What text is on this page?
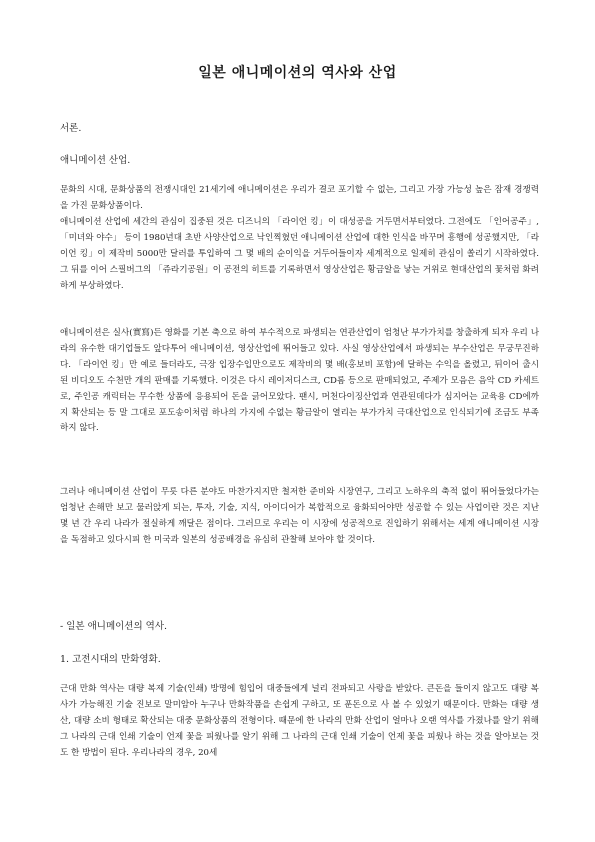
일본 애니메이션의 역사와 산업
서론.
애니메이션 산업.

문화의 시대, 문화상품의 전쟁시대인 21세기에 애니메이션은 우리가 결코 포기할 수 없는, 그리고 가장 가능성 높은 잠재 경쟁력을 가진 문화상품이다.

애니메이션 산업에 세간의 관심이 집중된 것은 디즈니의 「라이언 킹」이 대성공을 거두면서부터였다. 그전에도 「인어공주」, 「미녀와 야수」 등이 1980년대 초반 사양산업으로 낙인찍혔던 애니메이션 산업에 대한 인식을 바꾸며 흥행에 성공했지만, 「라이언 킹」이 제작비 5000만 달러를 투입하여 그 몇 배의 순이익을 거두어들이자 세계적으로 일제히 관심이 쏠리기 시작하였다. 그 뒤를 이어 스필버그의 「쥬라기공원」이 공전의 히트를 기록하면서 영상산업은 황금알을 낳는 거위로 현대산업의 꽃처럼 화려하게 부상하였다.

애니메이션은 실사(實寫)든 영화를 기본 축으로 하여 부수적으로 파생되는 연관산업이 엄청난 부가가치를 창출하게 되자 우리 나라의 유수한 대기업들도 앞다투어 애니메이션, 영상산업에 뛰어들고 있다. 사실 영상산업에서 파생되는 부수산업은 무궁무진하다. 「라이언 킹」만 예로 들더라도, 극장 입장수입만으로도 제작비의 몇 배(홍보비 포함)에 달하는 수익을 올렸고, 뒤이어 출시된 비디오도 수천만 개의 판매를 기록했다. 이것은 다시 레이저디스크, CD롬 등으로 판매되었고, 주제가 모음은 음악 CD 카세트로, 주인공 캐릭터는 무수한 상품에 응용되어 돈을 긁어모았다. 팬시, 머천다이징산업과 연관된데다가 심지어는 교육용 CD에까지 확산되는 등 말 그대로 포도송이처럼 하나의 가지에 수없는 황금알이 열리는 부가가치 극대산업으로 인식되기에 조금도 부족하지 않다.

그러나 애니메이션 산업이 무릇 다른 분야도 마찬가지지만 철저한 준비와 시장연구, 그리고 노하우의 축적 없이 뛰어들었다가는 엄청난 손해만 보고 물러앉게 되는, 투자, 기술, 지식, 아이디어가 복합적으로 융화되어야만 성공할 수 있는 사업이란 것은 지난 몇 년 간 우리 나라가 절실하게 깨달은 점이다. 그러므로 우리는 이 시장에 성공적으로 진입하기 위해서는 세계 애니메이션 시장을 독점하고 있다시피 한 미국과 일본의 성공배경을 유심히 관찰해 보아야 할 것이다.

- 일본 애니메이션의 역사.
1. 고전시대의 만화영화.

근대 만화 역사는 대량 복제 기술(인쇄) 방명에 힘입어 대중들에게 널리 전파되고 사랑을 받았다. 큰돈을 들이지 않고도 대량 복사가 가능해진 기술 진보로 말미암아 누구나 만화작품을 손쉽게 구하고, 또 푼돈으로 사 볼 수 있었기 때문이다. 만화는 대량 생산, 대량 소비 형태로 확산되는 대중 문화상품의 전형이다. 때문에 한 나라의 만화 산업이 얼마나 오랜 역사를 가졌나를 알기 위해 그 나라의 근대 인쇄 기술이 언제 꽃을 피웠나를 알기 위해 그 나라의 근대 인쇄 기술이 언제 꽃을 피웠나 하는 것을 알아보는 것도 한 방법이 된다. 우리나라의 경우, 20세
